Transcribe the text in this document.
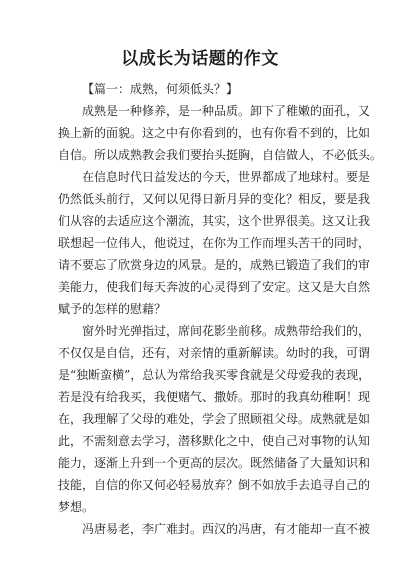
以成长为话题的作文
【篇一：成熟，何须低头？】
成熟是一种修养，是一种品质。卸下了稚嫩的面孔，又
换上新的面貌。这之中有你看到的，也有你看不到的，比如
自信。所以成熟教会我们要抬头挺胸，自信做人，不必低头。
在信息时代日益发达的今天，世界都成了地球村。要是
仍然低头前行，又何以见得日新月异的变化？相反，要是我
们从容的去适应这个潮流，其实，这个世界很美。这又让我
联想起一位伟人，他说过，在你为工作而埋头苦干的同时，
请不要忘了欣赏身边的风景。是的，成熟已锻造了我们的审
美能力，使我们每天奔波的心灵得到了安定。这又是大自然
赋予的怎样的慰藉？
窗外时光弹指过，席间花影坐前移。成熟带给我们的，
不仅仅是自信，还有，对亲情的重新解读。幼时的我，可谓
是“独断蛮横”，总认为常给我买零食就是父母爱我的表现，
若是没有给我买，我便赌气、撒娇。那时的我真幼稚啊！现
在，我理解了父母的难处，学会了照顾祖父母。成熟就是如
此，不需刻意去学习，潜移默化之中，使自己对事物的认知
能力，逐渐上升到一个更高的层次。既然储备了大量知识和
技能，自信的你又何必轻易放弃？倒不如放手去追寻自己的
梦想。
冯唐易老，李广难封。西汉的冯唐，有才能却一直不被
